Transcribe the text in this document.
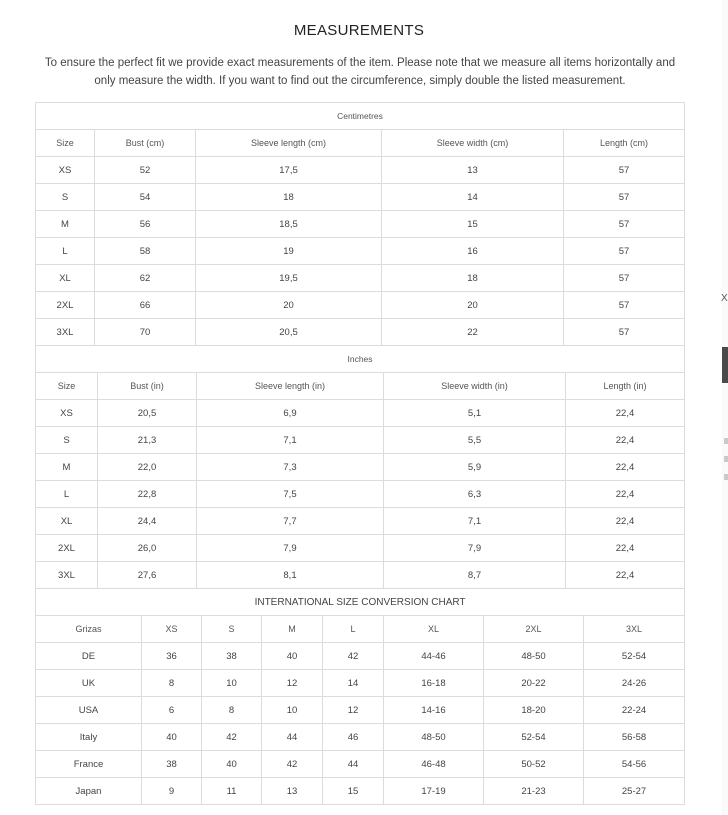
MEASUREMENTS
To ensure the perfect fit we provide exact measurements of the item. Please note that we measure all items horizontally and only measure the width. If you want to find out the circumference, simply double the listed measurement.
Centimetres				
Size	Bust (cm)	Sleeve length (cm)	Sleeve width (cm)	Length (cm)
XS	52	17,5	13	57
S	54	18	14	57
M	56	18,5	15	57
L	58	19	16	57
XL	62	19,5	18	57
2XL	66	20	20	57
3XL	70	20,5	22	57
Inches				
Size	Bust (in)	Sleeve length (in)	Sleeve width (in)	Length (in)
XS	20,5	6,9	5,1	22,4
S	21,3	7,1	5,5	22,4
M	22,0	7,3	5,9	22,4
L	22,8	7,5	6,3	22,4
XL	24,4	7,7	7,1	22,4
2XL	26,0	7,9	7,9	22,4
3XL	27,6	8,1	8,7	22,4
INTERNATIONAL SIZE CONVERSION CHART							
Grizas	XS	S	M	L	XL	2XL	3XL
DE	36	38	40	42	44-46	48-50	52-54
UK	8	10	12	14	16-18	20-22	24-26
USA	6	8	10	12	14-16	18-20	22-24
Italy	40	42	44	46	48-50	52-54	56-58
France	38	40	42	44	46-48	50-52	54-56
Japan	9	11	13	15	17-19	21-23	25-27
X
